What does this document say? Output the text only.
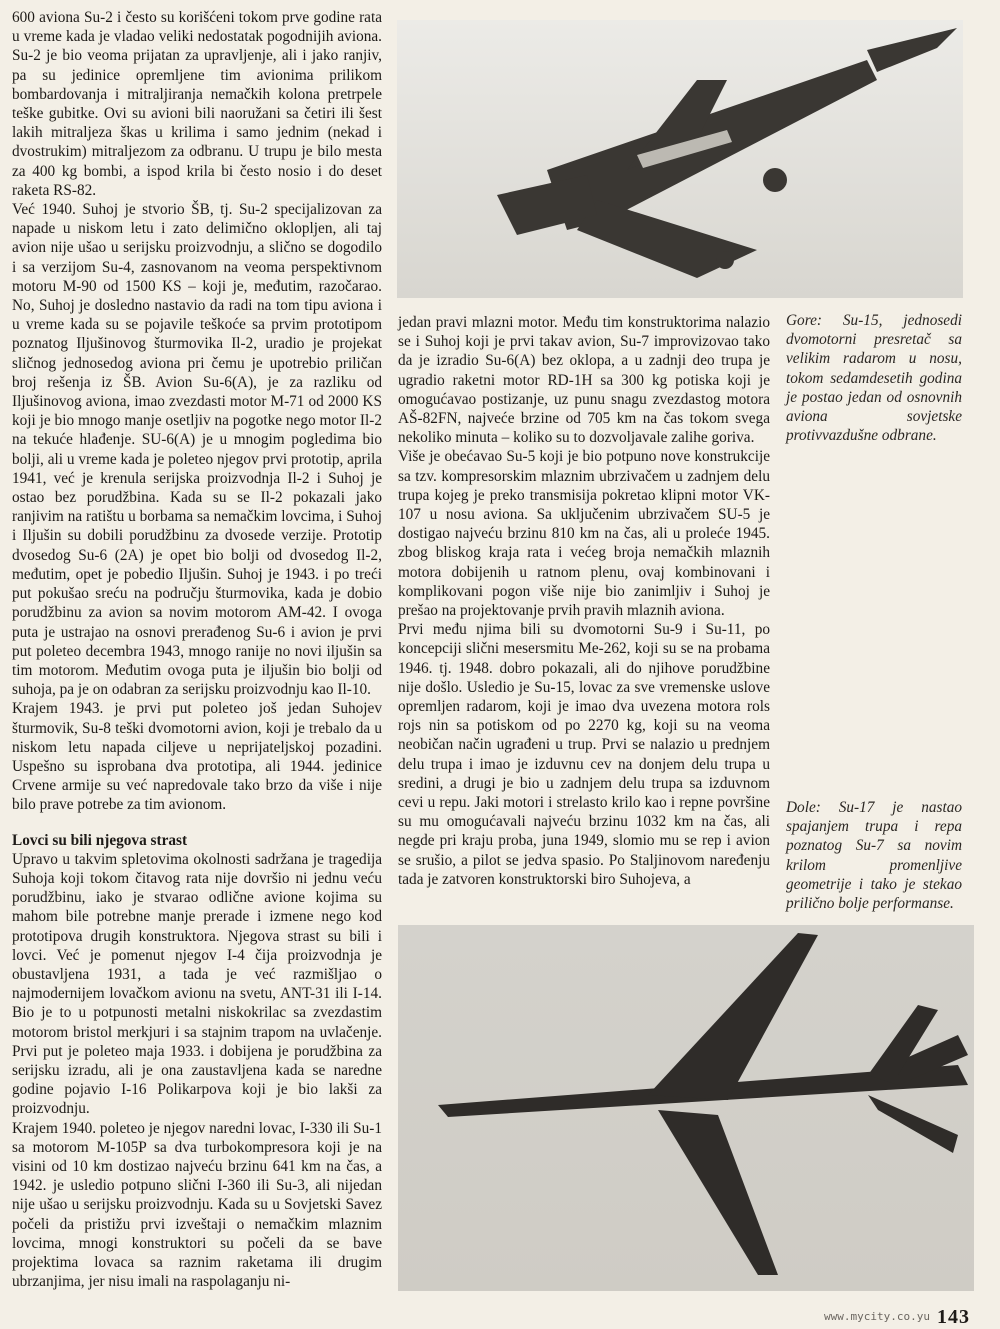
600 aviona Su-2 i često su korišćeni tokom prve godine rata u vreme kada je vladao veliki nedostatak pogodnijih aviona. Su-2 je bio veoma prijatan za upravljenje, ali i jako ranjiv, pa su jedinice opremljene tim avionima prilikom bombardovanja i mitraljiranja nemačkih kolona pretrpele teške gubitke. Ovi su avioni bili naoružani sa četiri ili šest lakih mitraljeza škas u krilima i samo jednim (nekad i dvostrukim) mitraljezom za odbranu. U trupu je bilo mesta za 400 kg bombi, a ispod krila bi često nosio i do deset raketa RS-82.

Već 1940. Suhoj je stvorio ŠB, tj. Su-2 specijalizovan za napade u niskom letu i zato delimično oklopljen, ali taj avion nije ušao u serijsku proizvodnju, a slično se dogodilo i sa verzijom Su-4, zasnovanom na veoma perspektivnom motoru M-90 od 1500 KS – koji je, međutim, razočarao. No, Suhoj je dosledno nastavio da radi na tom tipu aviona i u vreme kada su se pojavile teškoće sa prvim prototipom poznatog Iljušinovog šturmovika Il-2, uradio je projekat sličnog jednosedog aviona pri čemu je upotrebio priličan broj rešenja iz ŠB. Avion Su-6(A), je za razliku od Iljušinovog aviona, imao zvezdasti motor M-71 od 2000 KS koji je bio mnogo manje osetljiv na pogotke nego motor Il-2 na tekuće hlađenje. SU-6(A) je u mnogim pogledima bio bolji, ali u vreme kada je poleteo njegov prvi prototip, aprila 1941, već je krenula serijska proizvodnja Il-2 i Suhoj je ostao bez porudžbina. Kada su se Il-2 pokazali jako ranjivim na ratištu u borbama sa nemačkim lovcima, i Suhoj i Iljušin su dobili porudžbinu za dvosede verzije. Prototip dvosedog Su-6 (2A) je opet bio bolji od dvosedog Il-2, međutim, opet je pobedio Iljušin. Suhoj je 1943. i po treći put pokušao sreću na području šturmovika, kada je dobio porudžbinu za avion sa novim motorom AM-42. I ovoga puta je ustrajao na osnovi prerađenog Su-6 i avion je prvi put poleteo decembra 1943, mnogo ranije no novi iljušin sa tim motorom. Međutim ovoga puta je iljušin bio bolji od suhoja, pa je on odabran za serijsku proizvodnju kao Il-10.

Krajem 1943. je prvi put poleteo još jedan Suhojev šturmovik, Su-8 teški dvomotorni avion, koji je trebalo da u niskom letu napada ciljeve u neprijateljskoj pozadini. Uspešno su isprobana dva prototipa, ali 1944. jedinice Crvene armije su već napredovale tako brzo da više i nije bilo prave potrebe za tim avionom.

Lovci su bili njegova strast

Upravo u takvim spletovima okolnosti sadržana je tragedija Suhoja koji tokom čitavog rata nije dovršio ni jednu veću porudžbinu, iako je stvarao odlične avione kojima su mahom bile potrebne manje prerade i izmene nego kod prototipova drugih konstruktora. Njegova strast su bili i lovci. Već je pomenut njegov I-4 čija proizvodnja je obustavljena 1931, a tada je već razmišljao o najmodernijem lovačkom avionu na svetu, ANT-31 ili I-14. Bio je to u potpunosti metalni niskokrilac sa zvezdastim motorom bristol merkjuri i sa stajnim trapom na uvlačenje. Prvi put je poleteo maja 1933. i dobijena je porudžbina za serijsku izradu, ali je ona zaustavljena kada se naredne godine pojavio I-16 Polikarpova koji je bio lakši za proizvodnju.

Krajem 1940. poleteo je njegov naredni lovac, I-330 ili Su-1 sa motorom M-105P sa dva turbokompresora koji je na visini od 10 km dostizao najveću brzinu 641 km na čas, a 1942. je usledio potpuno slični I-360 ili Su-3, ali nijedan nije ušao u serijsku proizvodnju. Kada su u Sovjetski Savez počeli da pristižu prvi izveštaji o nemačkim mlaznim lovcima, mnogi konstruktori su počeli da se bave projektima lovaca sa raznim raketama ili drugim ubrzanjima, jer nisu imali na raspolaganju ni-

Gore: Su-15, jednosedi dvomotorni presretač sa velikim radarom u nosu, tokom sedamdesetih godina je postao jedan od osnovnih aviona sovjetske protivvazdušne odbrane.

jedan pravi mlazni motor. Među tim konstruktorima nalazio se i Suhoj koji je prvi takav avion, Su-7 improvizovao tako da je izradio Su-6(A) bez oklopa, a u zadnji deo trupa je ugradio raketni motor RD-1H sa 300 kg potiska koji je omogućavao postizanje, uz punu snagu zvezdastog motora AŠ-82FN, najveće brzine od 705 km na čas tokom svega nekoliko minuta – koliko su to dozvoljavale zalihe goriva.

Više je obećavao Su-5 koji je bio potpuno nove konstrukcije sa tzv. kompresorskim mlaznim ubrzivačem u zadnjem delu trupa kojeg je preko transmisija pokretao klipni motor VK-107 u nosu aviona. Sa uključenim ubrzivačem SU-5 je dostigao najveću brzinu 810 km na čas, ali u proleće 1945. zbog bliskog kraja rata i većeg broja nemačkih mlaznih motora dobijenih u ratnom plenu, ovaj kombinovani i komplikovani pogon više nije bio zanimljiv i Suhoj je prešao na projektovanje prvih pravih mlaznih aviona.

Prvi među njima bili su dvomotorni Su-9 i Su-11, po koncepciji slični mesersmitu Me-262, koji su se na probama 1946. tj. 1948. dobro pokazali, ali do njihove porudžbine nije došlo. Usledio je Su-15, lovac za sve vremenske uslove opremljen radarom, koji je imao dva uvezena motora rols rojs nin sa potiskom od po 2270 kg, koji su na veoma neobičan način ugrađeni u trup. Prvi se nalazio u prednjem delu trupa i imao je izduvnu cev na donjem delu trupa u sredini, a drugi je bio u zadnjem delu trupa sa izduvnom cevi u repu. Jaki motori i strelasto krilo kao i repne površine su mu omogućavali najveću brzinu 1032 km na čas, ali negde pri kraju proba, juna 1949, slomio mu se rep i avion se srušio, a pilot se jedva spasio. Po Staljinovom naređenju tada je zatvoren konstruktorski biro Suhojeva, a

Dole: Su-17 je nastao spajanjem trupa i repa poznatog Su-7 sa novim krilom promenljive geometrije i tako je stekao prilično bolje performanse.
www.mycity.co.yu 143
